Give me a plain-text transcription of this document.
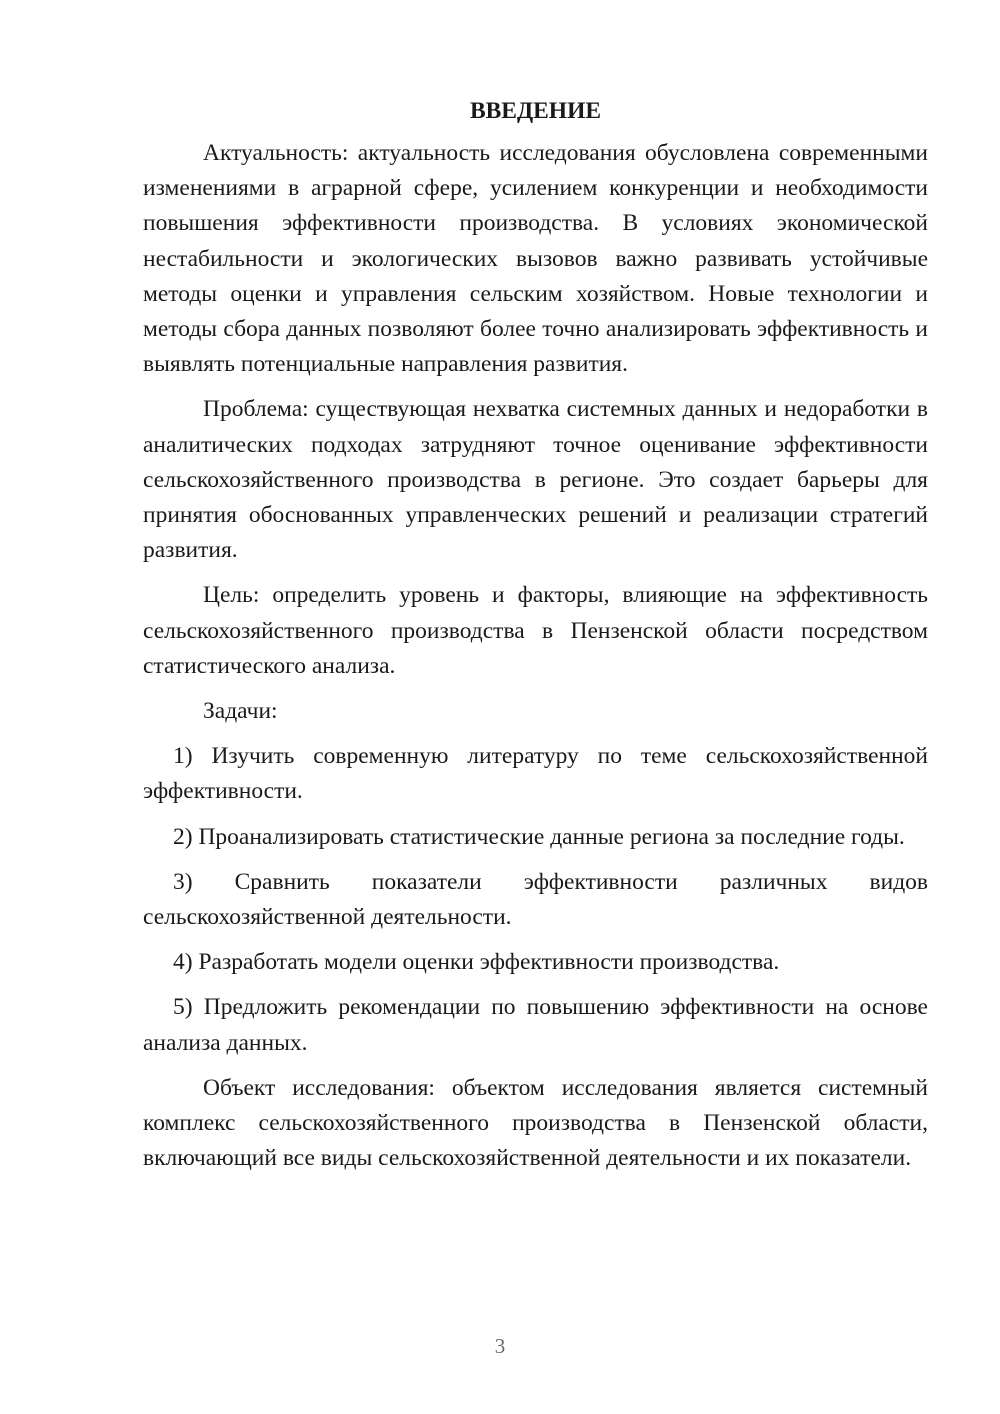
ВВЕДЕНИЕ

Актуальность: актуальность исследования обусловлена современными изменениями в аграрной сфере, усилением конкуренции и необходимости повышения эффективности производства. В условиях экономической нестабильности и экологических вызовов важно развивать устойчивые методы оценки и управления сельским хозяйством. Новые технологии и методы сбора данных позволяют более точно анализировать эффективность и выявлять потенциальные направления развития.

Проблема: существующая нехватка системных данных и недоработки в аналитических подходах затрудняют точное оценивание эффективности сельскохозяйственного производства в регионе. Это создает барьеры для принятия обоснованных управленческих решений и реализации стратегий развития.

Цель: определить уровень и факторы, влияющие на эффективность сельскохозяйственного производства в Пензенской области посредством статистического анализа.

Задачи:

1) Изучить современную литературу по теме сельскохозяйственной эффективности.

2) Проанализировать статистические данные региона за последние годы.

3) Сравнить показатели эффективности различных видов сельскохозяйственной деятельности.

4) Разработать модели оценки эффективности производства.

5) Предложить рекомендации по повышению эффективности на основе анализа данных.

Объект исследования: объектом исследования является системный комплекс сельскохозяйственного производства в Пензенской области, включающий все виды сельскохозяйственной деятельности и их показатели.

3
